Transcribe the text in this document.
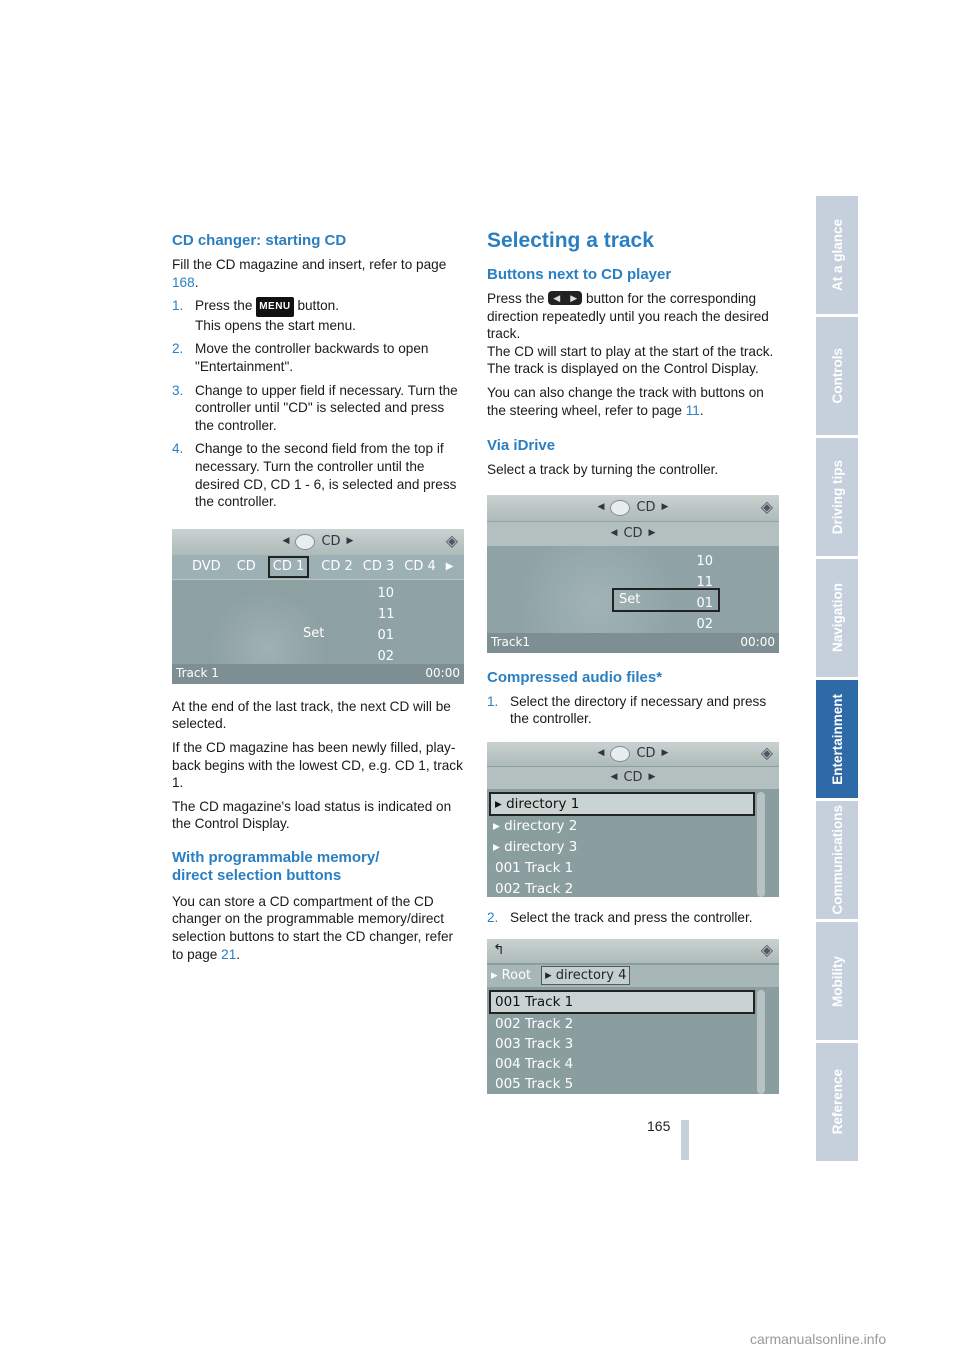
CD changer: starting CD

Fill the CD magazine and insert, refer to page 168.

1. Press the MENU button.
This opens the start menu.
2. Move the controller backwards to open "Entertainment".
3. Change to upper field if necessary. Turn the controller until "CD" is selected and press the controller.
4. Change to the second field from the top if necessary. Turn the controller until the desired CD, CD 1 - 6, is selected and press the controller.
◀ CD ▶	◈
DVD CD	CD 1	CD 2 CD 3 CD 4 ▶
10
11
01
02
Set
Track 1	00:00

At the end of the last track, the next CD will be selected.

If the CD magazine has been newly filled, play-back begins with the lowest CD, e.g. CD 1, track 1.

The CD magazine's load status is indicated on the Control Display.

With programmable memory/
direct selection buttons

You can store a CD compartment of the CD changer on the programmable memory/direct selection buttons to start the CD changer, refer to page 21.

Selecting a track
Buttons next to CD player

Press the ◀ ▶ button for the corresponding direction repeatedly until you reach the desired track.
The CD will start to play at the start of the track. The track is displayed on the Control Display.

You can also change the track with buttons on the steering wheel, refer to page 11.

Via iDrive

Select a track by turning the controller.

◀ CD ▶	◈
◀ CD ▶
10
11
01
02
Set
Track1	00:00
Compressed audio files*
1. Select the directory if necessary and press the controller.
◀ CD ▶	◈
◀ CD ▶
▸ directory 1
▸ directory 2
▸ directory 3
001 Track 1
002 Track 2
2. Select the track and press the controller.
↰	◈
▸ Root	▸ directory 4
001 Track 1
002 Track 2
003 Track 3
004 Track 4
005 Track 5
At a glance
Controls
Driving tips
Navigation
Entertainment
Communications
Mobility
Reference
165
carmanualsonline.info
